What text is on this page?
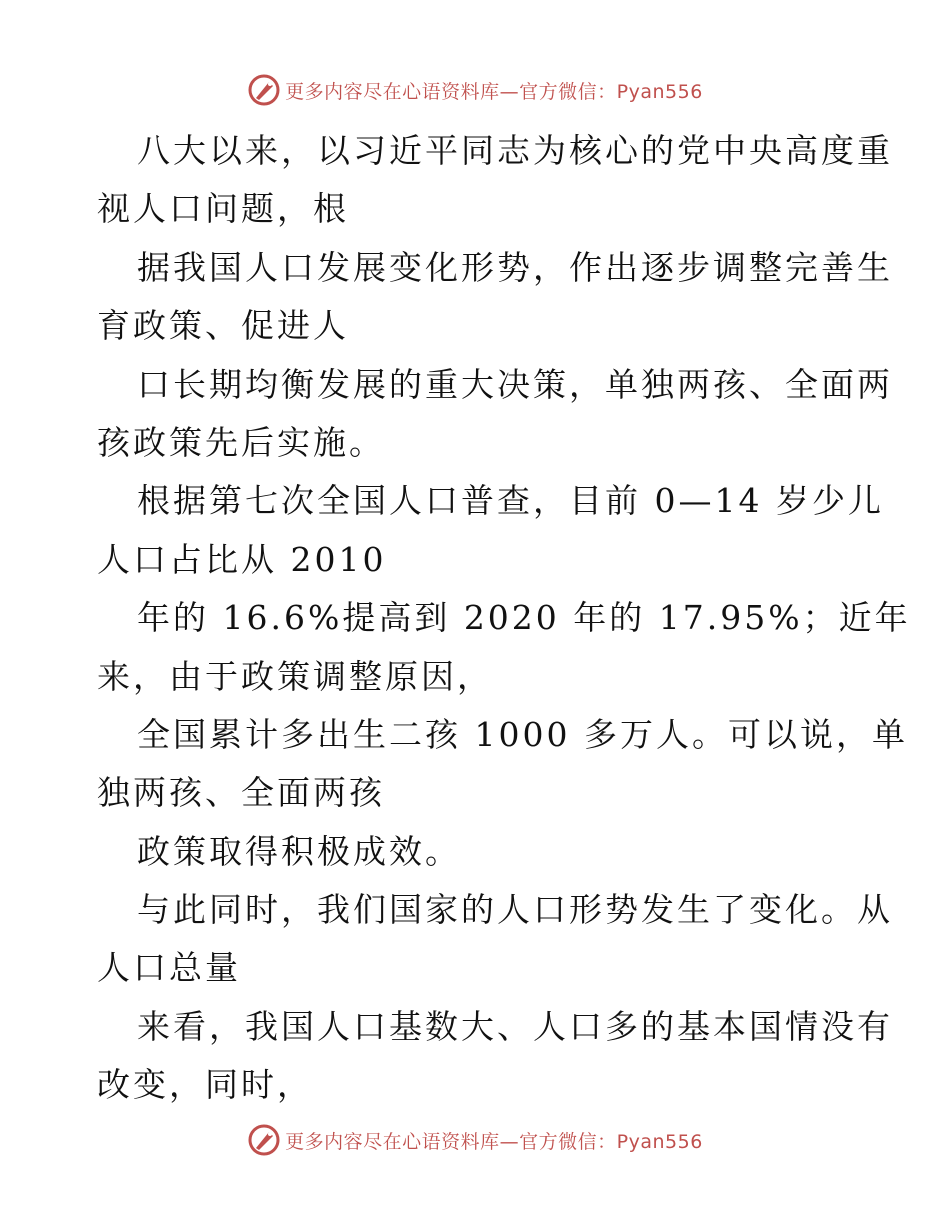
更多内容尽在心语资料库—官方微信：Pyan556
八大以来，以习近平同志为核心的党中央高度重
视人口问题，根
据我国人口发展变化形势，作出逐步调整完善生
育政策、促进人
口长期均衡发展的重大决策，单独两孩、全面两
孩政策先后实施。
根据第七次全国人口普查，目前 0—14 岁少儿
人口占比从 2010
年的 16.6%提高到 2020 年的 17.95%；近年
来，由于政策调整原因，
全国累计多出生二孩 1000 多万人。可以说，单
独两孩、全面两孩
政策取得积极成效。
与此同时，我们国家的人口形势发生了变化。从
人口总量
来看，我国人口基数大、人口多的基本国情没有
改变，同时，
更多内容尽在心语资料库—官方微信：Pyan556
